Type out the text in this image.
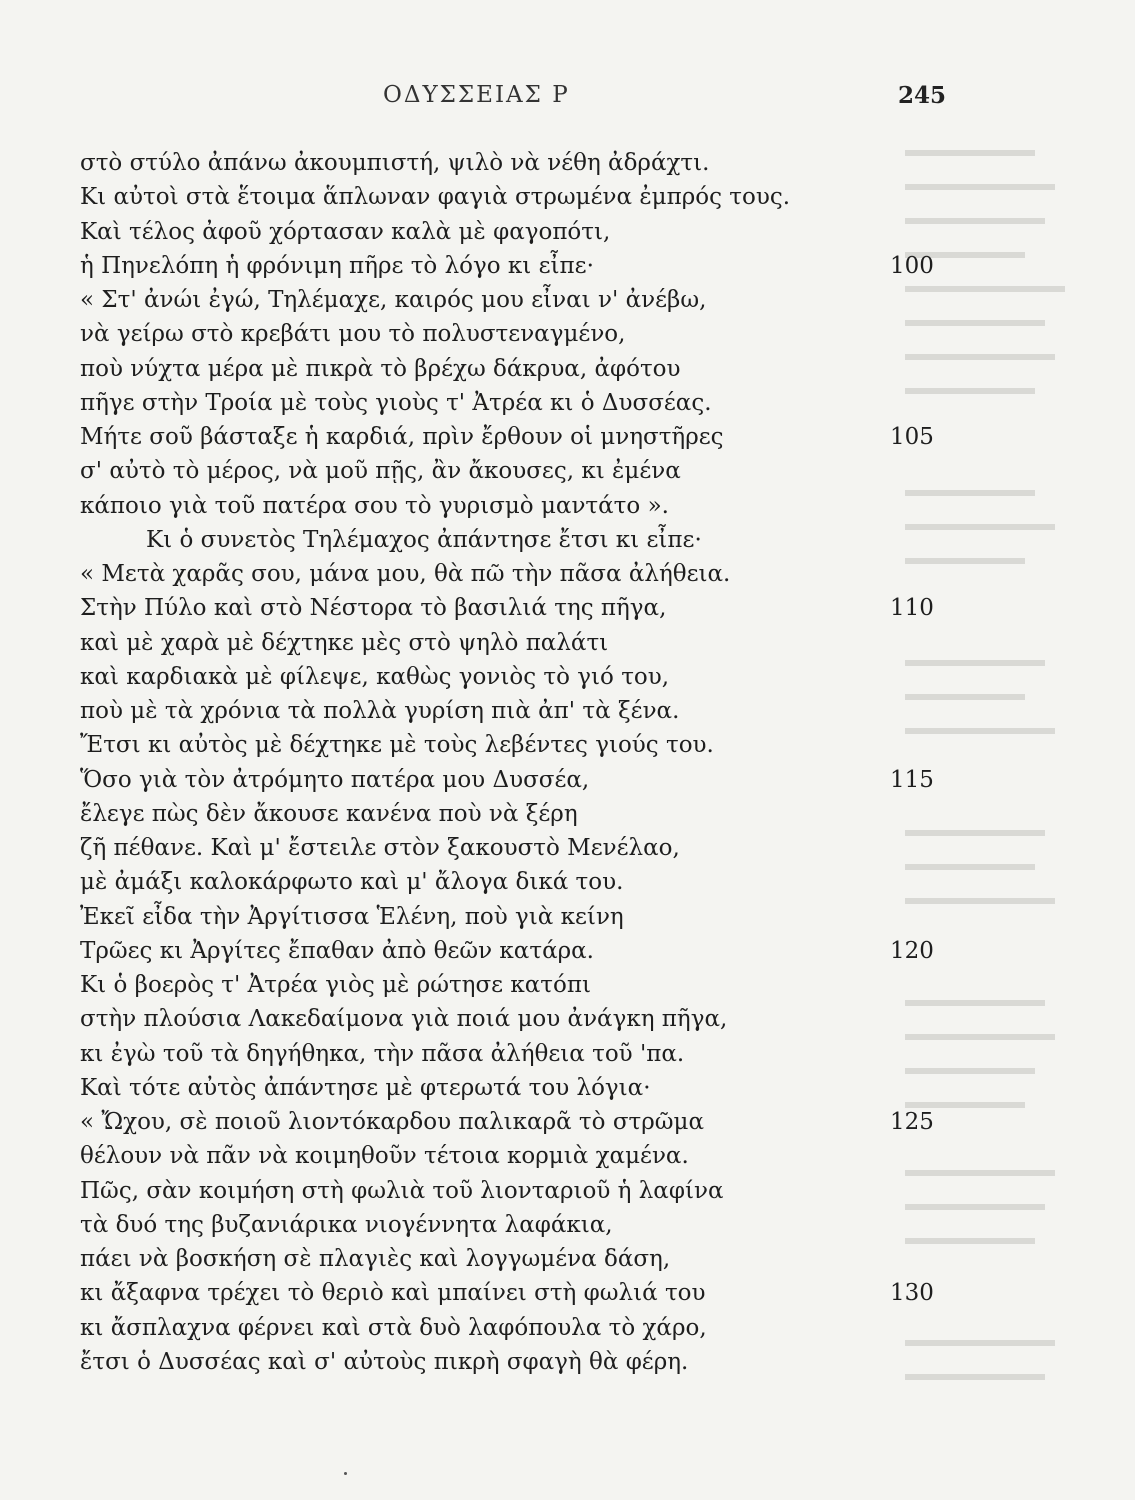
ΟΔΥΣΣΕΙΑΣ Ρ	245
στὸ στύλο ἀπάνω ἀκουμπιστή, ψιλὸ νὰ νέθη ἀδράχτι.
Κι αὐτοὶ στὰ ἕτοιμα ἅπλωναν φαγιὰ στρωμένα ἐμπρός τους.
Καὶ τέλος ἀφοῦ χόρτασαν καλὰ μὲ φαγοπότι,
ἡ Πηνελόπη ἡ φρόνιμη πῆρε τὸ λόγο κι εἶπε·	100
« Στ' ἀνώι ἐγώ, Τηλέμαχε, καιρός μου εἶναι ν' ἀνέβω,
νὰ γείρω στὸ κρεβάτι μου τὸ πολυστεναγμένο,
ποὺ νύχτα μέρα μὲ πικρὰ τὸ βρέχω δάκρυα, ἀφότου
πῆγε στὴν Τροία μὲ τοὺς γιοὺς τ' Ἀτρέα κι ὁ Δυσσέας.
Μήτε σοῦ βάσταξε ἡ καρδιά, πρὶν ἔρθουν οἱ μνηστῆρες	105
σ' αὐτὸ τὸ μέρος, νὰ μοῦ πῇς, ἂν ἄκουσες, κι ἐμένα
κάποιο γιὰ τοῦ πατέρα σου τὸ γυρισμὸ μαντάτο ».
Κι ὁ συνετὸς Τηλέμαχος ἀπάντησε ἔτσι κι εἶπε·
« Μετὰ χαρᾶς σου, μάνα μου, θὰ πῶ τὴν πᾶσα ἀλήθεια.
Στὴν Πύλο καὶ στὸ Νέστορα τὸ βασιλιά της πῆγα,	110
καὶ μὲ χαρὰ μὲ δέχτηκε μὲς στὸ ψηλὸ παλάτι
καὶ καρδιακὰ μὲ φίλεψε, καθὼς γονιὸς τὸ γιό του,
ποὺ μὲ τὰ χρόνια τὰ πολλὰ γυρίση πιὰ ἀπ' τὰ ξένα.
Ἔτσι κι αὐτὸς μὲ δέχτηκε μὲ τοὺς λεβέντες γιούς του.
Ὅσο γιὰ τὸν ἀτρόμητο πατέρα μου Δυσσέα,	115
ἔλεγε πὼς δὲν ἄκουσε κανένα ποὺ νὰ ξέρη
ζῆ πέθανε. Καὶ μ' ἔστειλε στὸν ξακουστὸ Μενέλαο,
μὲ ἀμάξι καλοκάρφωτο καὶ μ' ἄλογα δικά του.
Ἐκεῖ εἶδα τὴν Ἀργίτισσα Ἑλένη, ποὺ γιὰ κείνη
Τρῶες κι Ἀργίτες ἔπαθαν ἀπὸ θεῶν κατάρα.	120
Κι ὁ βοερὸς τ' Ἀτρέα γιὸς μὲ ρώτησε κατόπι
στὴν πλούσια Λακεδαίμονα γιὰ ποιά μου ἀνάγκη πῆγα,
κι ἐγὼ τοῦ τὰ δηγήθηκα, τὴν πᾶσα ἀλήθεια τοῦ 'πα.
Καὶ τότε αὐτὸς ἀπάντησε μὲ φτερωτά του λόγια·
« Ὤχου, σὲ ποιοῦ λιοντόκαρδου παλικαρᾶ τὸ στρῶμα	125
θέλουν νὰ πᾶν νὰ κοιμηθοῦν τέτοια κορμιὰ χαμένα.
Πῶς, σὰν κοιμήση στὴ φωλιὰ τοῦ λιονταριοῦ ἡ λαφίνα
τὰ δυό της βυζανιάρικα νιογέννητα λαφάκια,
πάει νὰ βοσκήση σὲ πλαγιὲς καὶ λογγωμένα δάση,
κι ἄξαφνα τρέχει τὸ θεριὸ καὶ μπαίνει στὴ φωλιά του	130
κι ἄσπλαχνα φέρνει καὶ στὰ δυὸ λαφόπουλα τὸ χάρο,
ἔτσι ὁ Δυσσέας καὶ σ' αὐτοὺς πικρὴ σφαγὴ θὰ φέρη.
